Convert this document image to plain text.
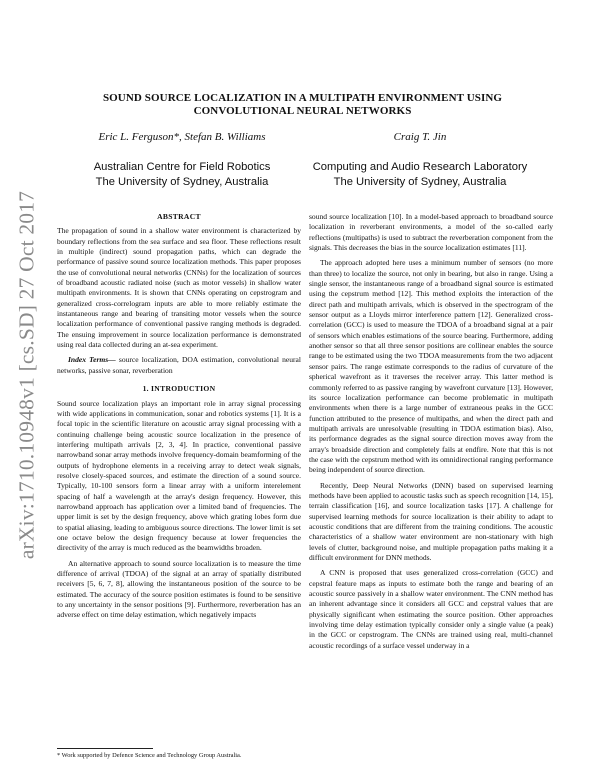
arXiv:1710.10948v1 [cs.SD] 27 Oct 2017
SOUND SOURCE LOCALIZATION IN A MULTIPATH ENVIRONMENT USING
CONVOLUTIONAL NEURAL NETWORKS
Eric L. Ferguson*, Stefan B. Williams
Australian Centre for Field Robotics
The University of Sydney, Australia
Craig T. Jin
Computing and Audio Research Laboratory
The University of Sydney, Australia
ABSTRACT

The propagation of sound in a shallow water environment is characterized by boundary reflections from the sea surface and sea floor. These reflections result in multiple (indirect) sound propagation paths, which can degrade the performance of passive sound source localization methods. This paper proposes the use of convolutional neural networks (CNNs) for the localization of sources of broadband acoustic radiated noise (such as motor vessels) in shallow water multipath environments. It is shown that CNNs operating on cepstrogram and generalized cross-correlogram inputs are able to more reliably estimate the instantaneous range and bearing of transiting motor vessels when the source localization performance of conventional passive ranging methods is degraded. The ensuing improvement in source localization performance is demonstrated using real data collected during an at-sea experiment.

Index Terms— source localization, DOA estimation, convolutional neural networks, passive sonar, reverberation

1. INTRODUCTION

Sound source localization plays an important role in array signal processing with wide applications in communication, sonar and robotics systems [1]. It is a focal topic in the scientific literature on acoustic array signal processing with a continuing challenge being acoustic source localization in the presence of interfering multipath arrivals [2, 3, 4]. In practice, conventional passive narrowband sonar array methods involve frequency-domain beamforming of the outputs of hydrophone elements in a receiving array to detect weak signals, resolve closely-spaced sources, and estimate the direction of a sound source. Typically, 10-100 sensors form a linear array with a uniform interelement spacing of half a wavelength at the array's design frequency. However, this narrowband approach has application over a limited band of frequencies. The upper limit is set by the design frequency, above which grating lobes form due to spatial aliasing, leading to ambiguous source directions. The lower limit is set one octave below the design frequency because at lower frequencies the directivity of the array is much reduced as the beamwidths broaden.

An alternative approach to sound source localization is to measure the time difference of arrival (TDOA) of the signal at an array of spatially distributed receivers [5, 6, 7, 8], allowing the instantaneous position of the source to be estimated. The accuracy of the source position estimates is found to be sensitive to any uncertainty in the sensor positions [9]. Furthermore, reverberation has an adverse effect on time delay estimation, which negatively impacts

sound source localization [10]. In a model-based approach to broadband source localization in reverberant environments, a model of the so-called early reflections (multipaths) is used to subtract the reverberation component from the signals. This decreases the bias in the source localization estimates [11].

The approach adopted here uses a minimum number of sensors (no more than three) to localize the source, not only in bearing, but also in range. Using a single sensor, the instantaneous range of a broadband signal source is estimated using the cepstrum method [12]. This method exploits the interaction of the direct path and multipath arrivals, which is observed in the spectrogram of the sensor output as a Lloyds mirror interference pattern [12]. Generalized cross-correlation (GCC) is used to measure the TDOA of a broadband signal at a pair of sensors which enables estimations of the source bearing. Furthermore, adding another sensor so that all three sensor positions are collinear enables the source range to be estimated using the two TDOA measurements from the two adjacent sensor pairs. The range estimate corresponds to the radius of curvature of the spherical wavefront as it traverses the receiver array. This latter method is commonly referred to as passive ranging by wavefront curvature [13]. However, its source localization performance can become problematic in multipath environments when there is a large number of extraneous peaks in the GCC function attributed to the presence of multipaths, and when the direct path and multipath arrivals are unresolvable (resulting in TDOA estimation bias). Also, its performance degrades as the signal source direction moves away from the array's broadside direction and completely fails at endfire. Note that this is not the case with the cepstrum method with its omnidirectional ranging performance being independent of source direction.

Recently, Deep Neural Networks (DNN) based on supervised learning methods have been applied to acoustic tasks such as speech recognition [14, 15], terrain classification [16], and source localization tasks [17]. A challenge for supervised learning methods for source localization is their ability to adapt to acoustic conditions that are different from the training conditions. The acoustic characteristics of a shallow water environment are non-stationary with high levels of clutter, background noise, and multiple propagation paths making it a difficult environment for DNN methods.

A CNN is proposed that uses generalized cross-correlation (GCC) and cepstral feature maps as inputs to estimate both the range and bearing of an acoustic source passively in a shallow water environment. The CNN method has an inherent advantage since it considers all GCC and cepstral values that are physically significant when estimating the source position. Other approaches involving time delay estimation typically consider only a single value (a peak) in the GCC or cepstrogram. The CNNs are trained using real, multi-channel acoustic recordings of a surface vessel underway in a

* Work supported by Defence Science and Technology Group Australia.
